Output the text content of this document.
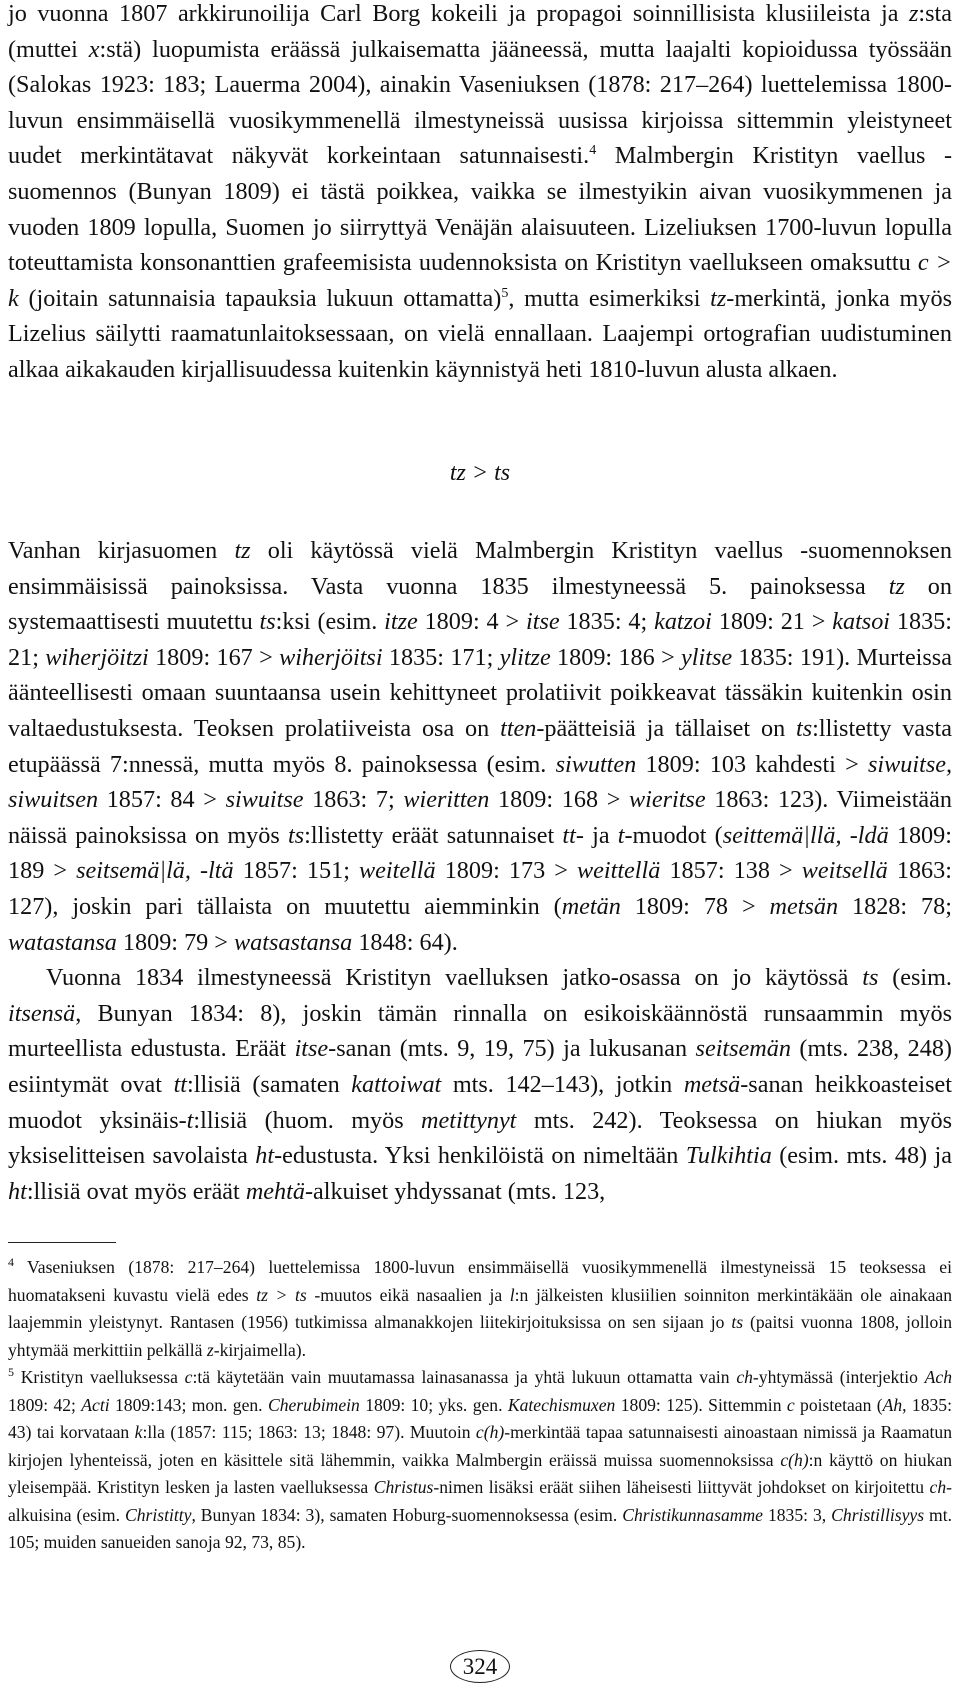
jo vuonna 1807 arkkirunoilija Carl Borg kokeili ja propagoi soinnillisista klusiileista ja z:sta (muttei x:stä) luopumista eräässä julkaisematta jääneessä, mutta laajalti kopioidussa työssään (Salokas 1923: 183; Lauerma 2004), ainakin Vaseniuksen (1878: 217–264) luettelemissa 1800-luvun ensimmäisellä vuosikymmenellä ilmestyneissä uusissa kirjoissa sittemmin yleistyneet uudet merkintätavat näkyvät korkeintaan satunnaisesti.$^4$ Malmbergin Kristityn vaellus -suomennos (Bunyan 1809) ei tästä poikkea, vaikka se ilmestyikin aivan vuosikymmenen ja vuoden 1809 lopulla, Suomen jo siirryttyä Venäjän alaisuuteen. Lizeliuksen 1700-luvun lopulla toteuttamista konsonanttien grafeemisista uudennoksista on Kristityn vaellukseen omaksuttu c > k (joitain satunnaisia tapauksia lukuun ottamatta)$^5$, mutta esimerkiksi tz-merkintä, jonka myös Lizelius säilytti raamatunlaitoksessaan, on vielä ennallaan. Laajempi ortografian uudistuminen alkaa aikakauden kirjallisuudessa kuitenkin käynnistyä heti 1810-luvun alusta alkaen.

tz > ts

Vanhan kirjasuomen tz oli käytössä vielä Malmbergin Kristityn vaellus -suomennoksen ensimmäisissä painoksissa. Vasta vuonna 1835 ilmestyneessä 5. painoksessa tz on systemaattisesti muutettu ts:ksi (esim. itze 1809: 4 > itse 1835: 4; katzoi 1809: 21 > katsoi 1835: 21; wiherjöitzi 1809: 167 > wiherjöitsi 1835: 171; ylitze 1809: 186 > ylitse 1835: 191). Murteissa äänteellisesti omaan suuntaansa usein kehittyneet prolatiivit poikkeavat tässäkin kuitenkin osin valtaedustuksesta. Teoksen prolatiiveista osa on tten-päätteisiä ja tällaiset on ts:llistetty vasta etupäässä 7:nnessä, mutta myös 8. painoksessa (esim. siwutten 1809: 103 kahdesti > siwuitse, siwuitsen 1857: 84 > siwuitse 1863: 7; wieritten 1809: 168 > wieritse 1863: 123). Viimeistään näissä painoksissa on myös ts:llistetty eräät satunnaiset tt- ja t-muodot (seittemä|llä, -ldä 1809: 189 > seitsemä|lä, -ltä 1857: 151; weitellä 1809: 173 > weittellä 1857: 138 > weitsellä 1863: 127), joskin pari tällaista on muutettu aiemminkin (metän 1809: 78 > metsän 1828: 78; watastansa 1809: 79 > watsastansa 1848: 64).

Vuonna 1834 ilmestyneessä Kristityn vaelluksen jatko-osassa on jo käytössä ts (esim. itsensä, Bunyan 1834: 8), joskin tämän rinnalla on esikoiskäännöstä runsaammin myös murteellista edustusta. Eräät itse-sanan (mts. 9, 19, 75) ja lukusanan seitsemän (mts. 238, 248) esiintymät ovat tt:llisiä (samaten kattoiwat mts. 142–143), jotkin metsä-sanan heikkoasteiset muodot yksinäis-t:llisiä (huom. myös metittynyt mts. 242). Teoksessa on hiukan myös yksiselitteisen savolaista ht-edustusta. Yksi henkilöistä on nimeltään Tulkihtia (esim. mts. 48) ja ht:llisiä ovat myös eräät mehtä-alkuiset yhdyssanat (mts. 123,

$^4$ Vaseniuksen (1878: 217–264) luettelemissa 1800-luvun ensimmäisellä vuosikymmenellä ilmestyneissä 15 teoksessa ei huomatakseni kuvastu vielä edes tz > ts -muutos eikä nasaalien ja l:n jälkeisten klusiilien soinniton merkintäkään ole ainakaan laajemmin yleistynyt. Rantasen (1956) tutkimissa almanakkojen liitekirjoituksissa on sen sijaan jo ts (paitsi vuonna 1808, jolloin yhtymää merkittiin pelkällä z-kirjaimella).

$^5$ Kristityn vaelluksessa c:tä käytetään vain muutamassa lainasanassa ja yhtä lukuun ottamatta vain ch-yhtymässä (interjektio Ach 1809: 42; Acti 1809:143; mon. gen. Cherubimein 1809: 10; yks. gen. Katechismuxen 1809: 125). Sittemmin c poistetaan (Ah, 1835: 43) tai korvataan k:lla (1857: 115; 1863: 13; 1848: 97). Muutoin c(h)-merkintää tapaa satunnaisesti ainoastaan nimissä ja Raamatun kirjojen lyhenteissä, joten en käsittele sitä lähemmin, vaikka Malmbergin eräissä muissa suomennoksissa c(h):n käyttö on hiukan yleisempää. Kristityn lesken ja lasten vaelluksessa Christus-nimen lisäksi eräät siihen läheisesti liittyvät johdokset on kirjoitettu ch-alkuisina (esim. Christitty, Bunyan 1834: 3), samaten Hoburg-suomennoksessa (esim. Christikunnasamme 1835: 3, Christillisyys mt. 105; muiden sanueiden sanoja 92, 73, 85).

324
